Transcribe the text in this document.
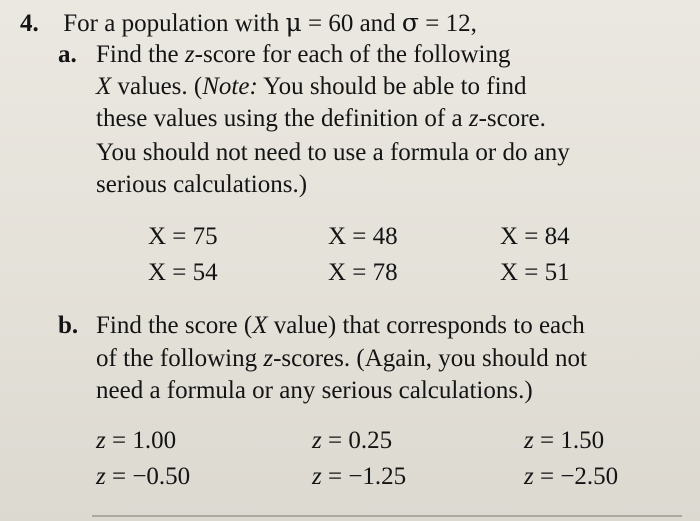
4. For a population with μ = 60 and σ = 12,
a. Find the z-score for each of the following
X values. (Note: You should be able to find
these values using the definition of a z-score.
You should not need to use a formula or do any
serious calculations.)
X = 75	X = 48	X = 84
X = 54	X = 78	X = 51
b. Find the score (X value) that corresponds to each
of the following z-scores. (Again, you should not
need a formula or any serious calculations.)
z = 1.00	z = 0.25	z = 1.50
z = −0.50	z = −1.25	z = −2.50
